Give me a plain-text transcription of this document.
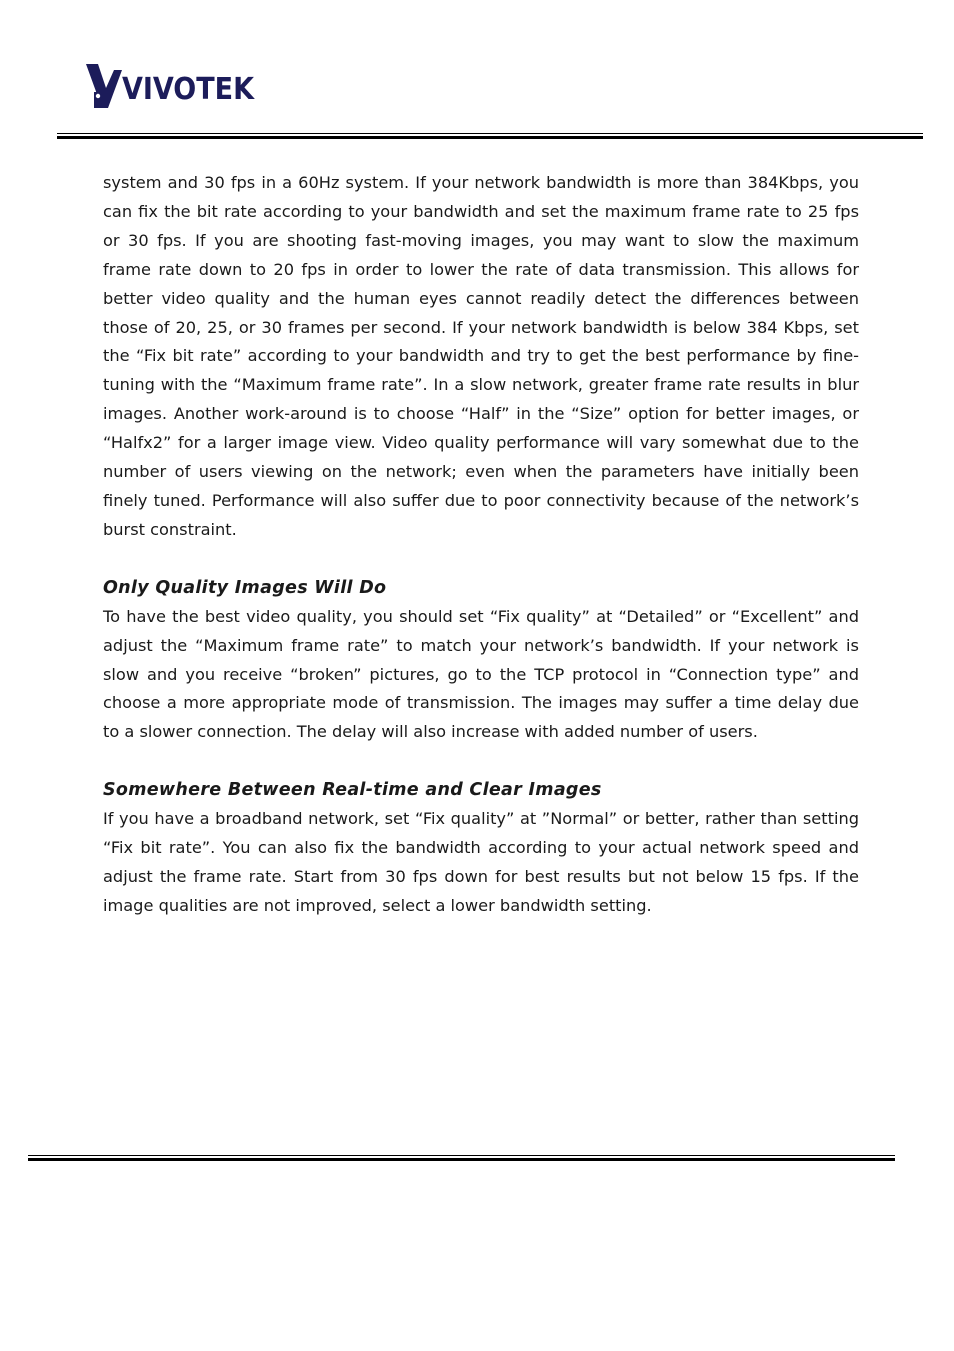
VIVOTEK

system and 30 fps in a 60Hz system. If your network bandwidth is more than 384Kbps, you can fix the bit rate according to your bandwidth and set the maximum frame rate to 25 fps or 30 fps. If you are shooting fast-moving images, you may want to slow the maximum frame rate down to 20 fps in order to lower the rate of data transmission. This allows for better video quality and the human eyes cannot readily detect the differences between those of 20, 25, or 30 frames per second. If your network bandwidth is below 384 Kbps, set the “Fix bit rate” according to your bandwidth and try to get the best performance by fine-tuning with the “Maximum frame rate”. In a slow network, greater frame rate results in blur images. Another work-around is to choose “Half” in the “Size” option for better images, or “Halfx2” for a larger image view. Video quality performance will vary somewhat due to the number of users viewing on the network; even when the parameters have initially been finely tuned. Performance will also suffer due to poor connectivity because of the network’s burst constraint.

Only Quality Images Will Do

To have the best video quality, you should set “Fix quality” at “Detailed” or “Excellent” and adjust the “Maximum frame rate” to match your network’s bandwidth. If your network is slow and you receive “broken” pictures, go to the TCP protocol in “Connection type” and choose a more appropriate mode of transmission. The images may suffer a time delay due to a slower connection. The delay will also increase with added number of users.

Somewhere Between Real-time and Clear Images

If you have a broadband network, set “Fix quality” at ”Normal” or better, rather than setting “Fix bit rate”. You can also fix the bandwidth according to your actual network speed and adjust the frame rate. Start from 30 fps down for best results but not below 15 fps. If the image qualities are not improved, select a lower bandwidth setting.
